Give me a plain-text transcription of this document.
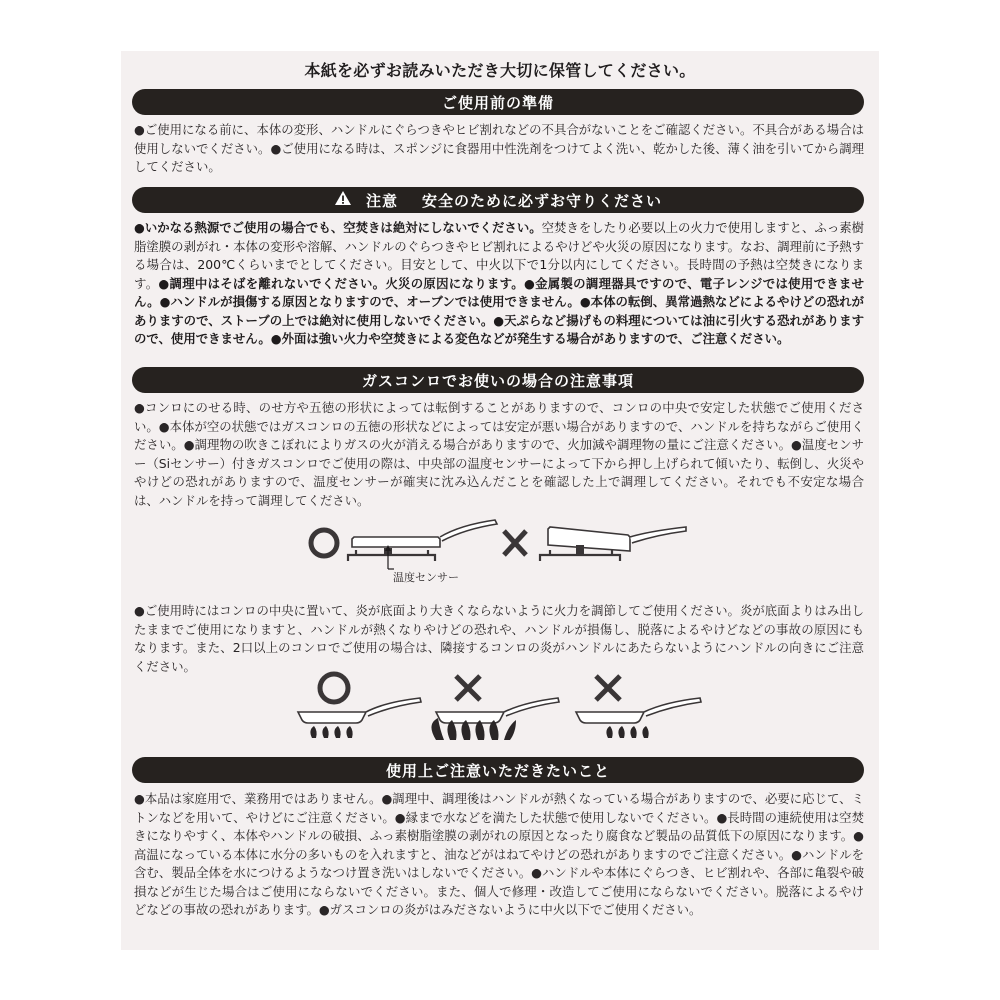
本紙を必ずお読みいただき大切に保管してください。
ご使用前の準備

●ご使用になる前に、本体の変形、ハンドルにぐらつきやヒビ割れなどの不具合がないことをご確認ください。不具合がある場合は使用しないでください。●ご使用になる時は、スポンジに食器用中性洗剤をつけてよく洗い、乾かした後、薄く油を引いてから調理してください。

注意 安全のために必ずお守りください

●いかなる熱源でご使用の場合でも、空焚きは絶対にしないでください。空焚きをしたり必要以上の火力で使用しますと、ふっ素樹脂塗膜の剥がれ・本体の変形や溶解、ハンドルのぐらつきやヒビ割れによるやけどや火災の原因になります。なお、調理前に予熱する場合は、200℃くらいまでとしてください。目安として、中火以下で1分以内にしてください。長時間の予熱は空焚きになります。●調理中はそばを離れないでください。火災の原因になります。●金属製の調理器具ですので、電子レンジでは使用できません。●ハンドルが損傷する原因となりますので、オーブンでは使用できません。●本体の転倒、異常過熱などによるやけどの恐れがありますので、ストーブの上では絶対に使用しないでください。●天ぷらなど揚げもの料理については油に引火する恐れがありますので、使用できません。●外面は強い火力や空焚きによる変色などが発生する場合がありますので、ご注意ください。

ガスコンロでお使いの場合の注意事項

●コンロにのせる時、のせ方や五徳の形状によっては転倒することがありますので、コンロの中央で安定した状態でご使用ください。●本体が空の状態ではガスコンロの五徳の形状などによっては安定が悪い場合がありますので、ハンドルを持ちながらご使用ください。●調理物の吹きこぼれによりガスの火が消える場合がありますので、火加減や調理物の量にご注意ください。●温度センサー（Siセンサー）付きガスコンロでご使用の際は、中央部の温度センサーによって下から押し上げられて傾いたり、転倒し、火災ややけどの恐れがありますので、温度センサーが確実に沈み込んだことを確認した上で調理してください。それでも不安定な場合は、ハンドルを持って調理してください。

温度センサー

●ご使用時にはコンロの中央に置いて、炎が底面より大きくならないように火力を調節してご使用ください。炎が底面よりはみ出したままでご使用になりますと、ハンドルが熱くなりやけどの恐れや、ハンドルが損傷し、脱落によるやけどなどの事故の原因にもなります。また、2口以上のコンロでご使用の場合は、隣接するコンロの炎がハンドルにあたらないようにハンドルの向きにご注意ください。

使用上ご注意いただきたいこと

●本品は家庭用で、業務用ではありません。●調理中、調理後はハンドルが熱くなっている場合がありますので、必要に応じて、ミトンなどを用いて、やけどにご注意ください。●縁まで水などを満たした状態で使用しないでください。●長時間の連続使用は空焚きになりやすく、本体やハンドルの破損、ふっ素樹脂塗膜の剥がれの原因となったり腐食など製品の品質低下の原因になります。●高温になっている本体に水分の多いものを入れますと、油などがはねてやけどの恐れがありますのでご注意ください。●ハンドルを含む、製品全体を水につけるようなつけ置き洗いはしないでください。●ハンドルや本体にぐらつき、ヒビ割れや、各部に亀裂や破損などが生じた場合はご使用にならないでください。また、個人で修理・改造してご使用にならないでください。脱落によるやけどなどの事故の恐れがあります。●ガスコンロの炎がはみださないように中火以下でご使用ください。
